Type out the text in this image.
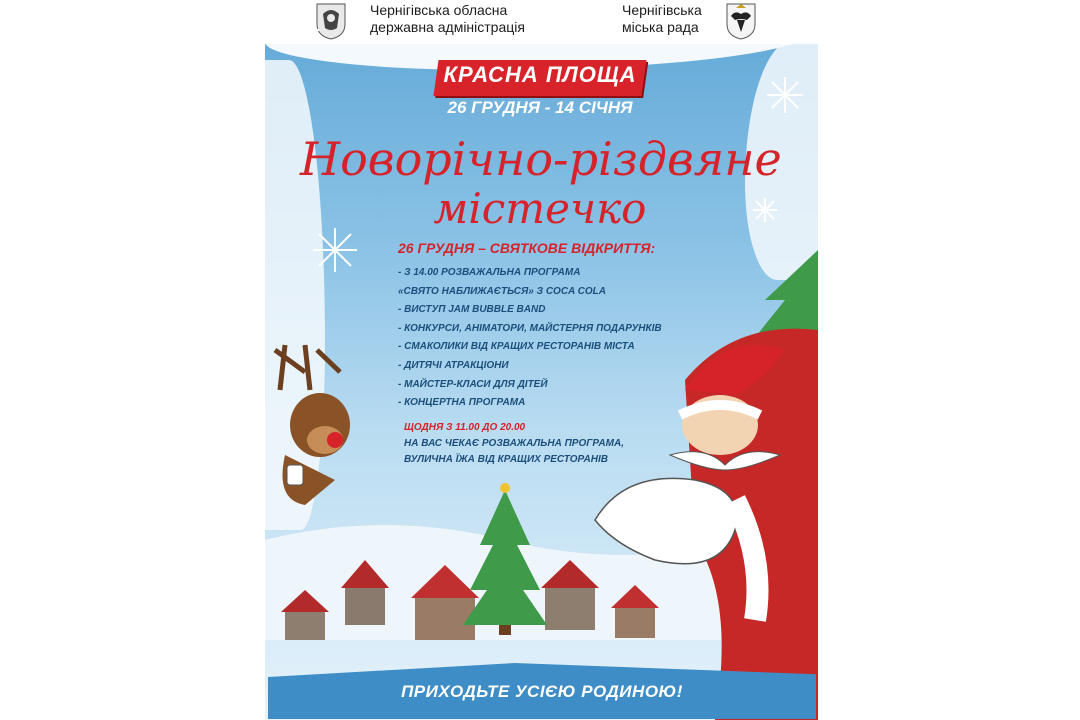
Чернігівська обласна
державна адміністрація
Чернігівська
міська рада
КРАСНА ПЛОЩА
26 ГРУДНЯ - 14 СІЧНЯ
Новорічно-різдвяне
містечко
26 ГРУДНЯ – СВЯТКОВЕ ВІДКРИТТЯ:
- З 14.00 РОЗВАЖАЛЬНА ПРОГРАМА
«СВЯТО НАБЛИЖАЄТЬСЯ» З COCA COLA
- ВИСТУП JAM BUBBLE BAND
- КОНКУРСИ, АНІМАТОРИ, МАЙСТЕРНЯ ПОДАРУНКІВ
- СМАКОЛИКИ ВІД КРАЩИХ РЕСТОРАНІВ МІСТА
- ДИТЯЧІ АТРАКЦІОНИ
- МАЙСТЕР-КЛАСИ ДЛЯ ДІТЕЙ
- КОНЦЕРТНА ПРОГРАМА
ЩОДНЯ З 11.00 ДО 20.00
НА ВАС ЧЕКАЄ РОЗВАЖАЛЬНА ПРОГРАМА,
ВУЛИЧНА ЇЖА ВІД КРАЩИХ РЕСТОРАНІВ
ПРИХОДЬТЕ УСІЄЮ РОДИНОЮ!
